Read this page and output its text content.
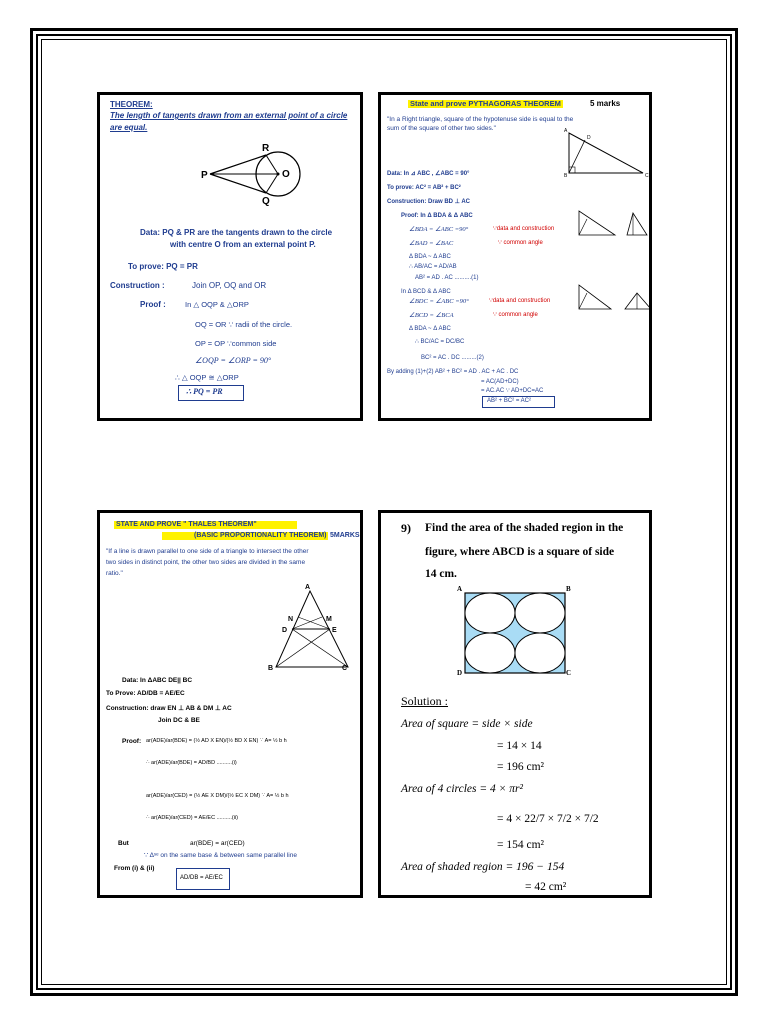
THEOREM:
The length of tangents drawn from an external point of a circle
are equal.
R
P	O
Q
Data: PQ & PR are the tangents drawn to the circle
with centre O from an external point P.
To prove: PQ = PR
Construction :	Join OP, OQ and OR
Proof :	In △ OQP & △ORP
OQ = OR ∵ radii of the circle.
OP = OP ∵common side
∠OQP = ∠ORP = 90°
∴ △ OQP ≅ △ORP
∴ PQ = PR
State and prove PYTHAGORAS THEOREM	5 marks
"In a Right triangle, square of the hypotenuse side is equal to the
sum of the square of other two sides."	A
D
B	C
Data: In ⊿ ABC , ∠ABC = 90°
To prove: AC² = AB² + BC²
Construction: Draw BD ⊥ AC
Proof: In Δ BDA & Δ ABC
∠BDA = ∠ABC =90°	∵data and construction
∠BAD = ∠BAC	∵ common angle
Δ BDA ~ Δ ABC
∴ AB/AC = AD/AB
AB² = AD . AC ..........(1)
In Δ BCD & Δ ABC
∠BDC = ∠ABC =90°	∵data and construction
∠BCD = ∠BCA	∵ common angle
Δ BDA ~ Δ ABC
∴ BC/AC = DC/BC
BC² = AC . DC .........(2)
By adding (1)+(2) AB² + BC² = AD . AC + AC . DC
= AC(AD+DC)
= AC.AC ∵ AD+DC=AC
AB² + BC² = AC²
STATE AND PROVE " THALES THEOREM"
(BASIC PROPORTIONALITY THEOREM) 5MARKS
"If a line is drawn parallel to one side of a triangle to intersect the other
two sides in distinct point, the other two sides are divided in the same
ratio."
A
N	M
D	E
B	C
Data: In ΔABC DE|| BC
To Prove: AD/DB = AE/EC
Construction: draw EN ⊥ AB & DM ⊥ AC
Join DC & BE
Proof: ar(ADE)/ar(BDE) = (½ AD X EN)/(½ BD X EN) ∵ A= ½ b h
∴ ar(ADE)/ar(BDE) = AD/BD ..........(i)
ar(ADE)/ar(CED) = (½ AE X DM)/(½ EC X DM) ∵ A= ½ b h
∴ ar(ADE)/ar(CED) = AE/EC ..........(ii)
But	ar(BDE) = ar(CED)
∵ Δˢᵉ on the same base & between same parallel line
From (i) & (ii)
AD/DB = AE/EC
9) Find the area of the shaded region in the
figure, where ABCD is a square of side
14 cm.
A	B
D	C
Solution :
Area of square = side × side
= 14 × 14
= 196 cm²
Area of 4 circles = 4 × πr²
= 4 × 22/7 × 7/2 × 7/2
= 154 cm²
Area of shaded region = 196 − 154
= 42 cm²
